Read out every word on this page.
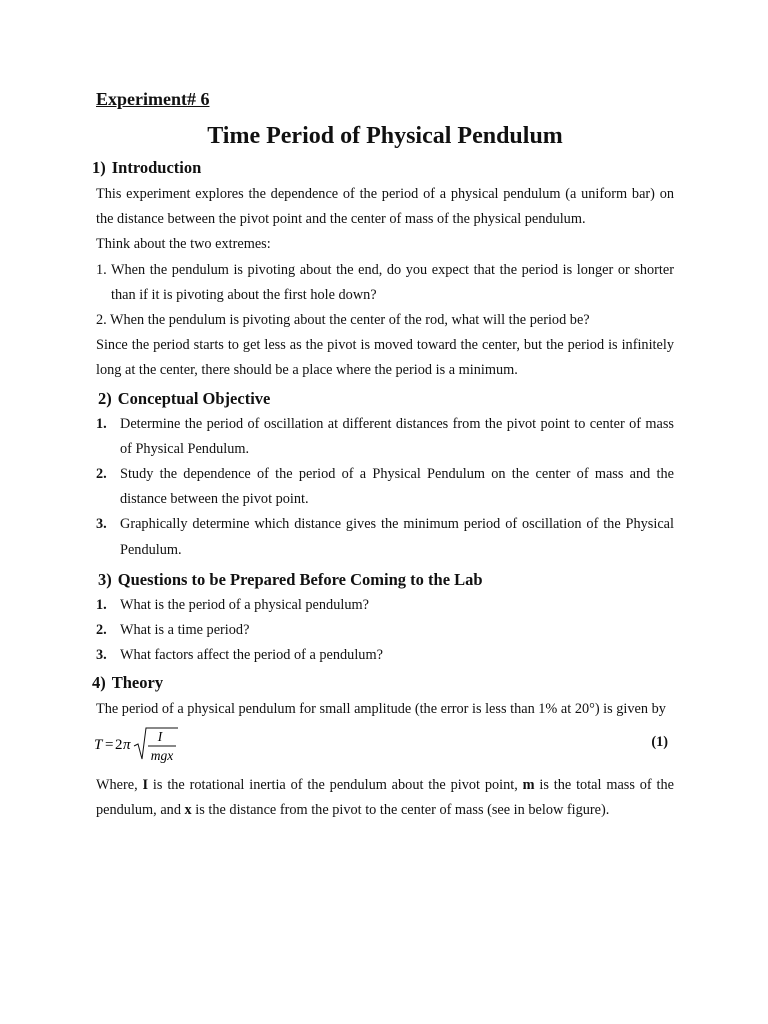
Experiment# 6
Time Period of Physical Pendulum
1) Introduction

This experiment explores the dependence of the period of a physical pendulum (a uniform bar) on the distance between the pivot point and the center of mass of the physical pendulum.

Think about the two extremes:

1. When the pendulum is pivoting about the end, do you expect that the period is longer or shorter than if it is pivoting about the first hole down?
2. When the pendulum is pivoting about the center of the rod, what will the period be?

Since the period starts to get less as the pivot is moved toward the center, but the period is infinitely long at the center, there should be a place where the period is a minimum.

2) Conceptual Objective
1. Determine the period of oscillation at different distances from the pivot point to center of mass of Physical Pendulum.
2. Study the dependence of the period of a Physical Pendulum on the center of mass and the distance between the pivot point.
3. Graphically determine which distance gives the minimum period of oscillation of the Physical Pendulum.
3) Questions to be Prepared Before Coming to the Lab
1. What is the period of a physical pendulum?
2. What is a time period?
3. What factors affect the period of a pendulum?
4) Theory

The period of a physical pendulum for small amplitude (the error is less than 1% at 20°) is given by

T = 2 π
I
mgx
(1)

Where, I is the rotational inertia of the pendulum about the pivot point, m is the total mass of the pendulum, and x is the distance from the pivot to the center of mass (see in below figure).
